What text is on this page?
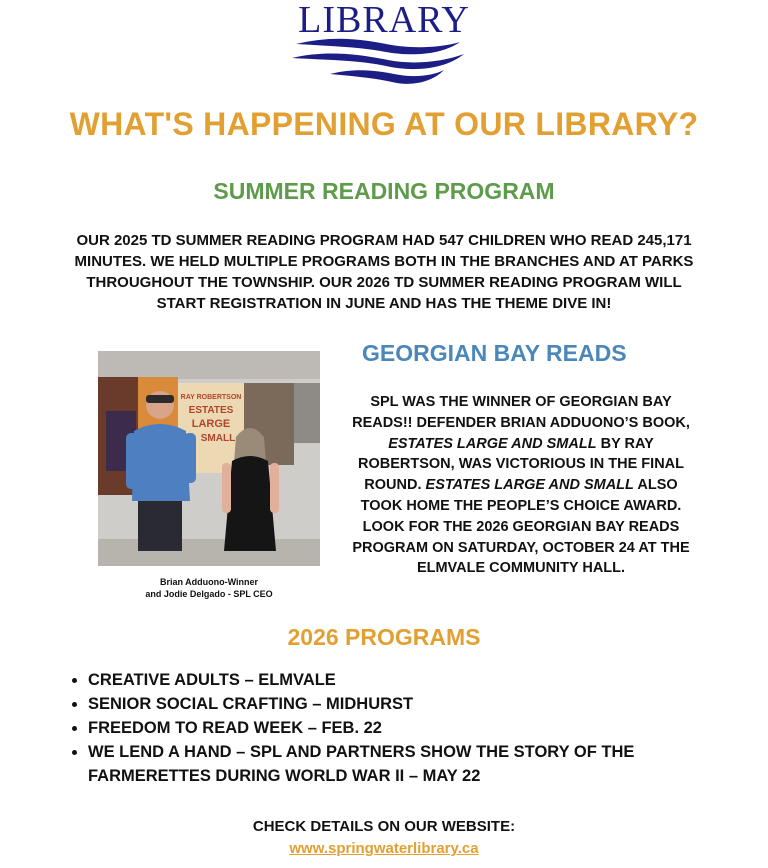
LIBRARY
WHAT'S HAPPENING AT OUR LIBRARY?
SUMMER READING PROGRAM

OUR 2025 TD SUMMER READING PROGRAM HAD 547 CHILDREN WHO READ 245,171 MINUTES. WE HELD MULTIPLE PROGRAMS BOTH IN THE BRANCHES AND AT PARKS THROUGHOUT THE TOWNSHIP. OUR 2026 TD SUMMER READING PROGRAM WILL START REGISTRATION IN JUNE AND HAS THE THEME DIVE IN!

RAY ROBERTSON
ESTATES
LARGE
SMALL
Brian Adduono-Winner
and Jodie Delgado - SPL CEO
GEORGIAN BAY READS

SPL WAS THE WINNER OF GEORGIAN BAY READS!! DEFENDER BRIAN ADDUONO’S BOOK, ESTATES LARGE AND SMALL BY RAY ROBERTSON, WAS VICTORIOUS IN THE FINAL ROUND. ESTATES LARGE AND SMALL ALSO TOOK HOME THE PEOPLE’S CHOICE AWARD. LOOK FOR THE 2026 GEORGIAN BAY READS PROGRAM ON SATURDAY, OCTOBER 24 AT THE ELMVALE COMMUNITY HALL.

2026 PROGRAMS
• CREATIVE ADULTS – ELMVALE
• SENIOR SOCIAL CRAFTING – MIDHURST
• FREEDOM TO READ WEEK – FEB. 22
• WE LEND A HAND – SPL AND PARTNERS SHOW THE STORY OF THE FARMERETTES DURING WORLD WAR II – MAY 22
CHECK DETAILS ON OUR WEBSITE:
www.springwaterlibrary.ca
